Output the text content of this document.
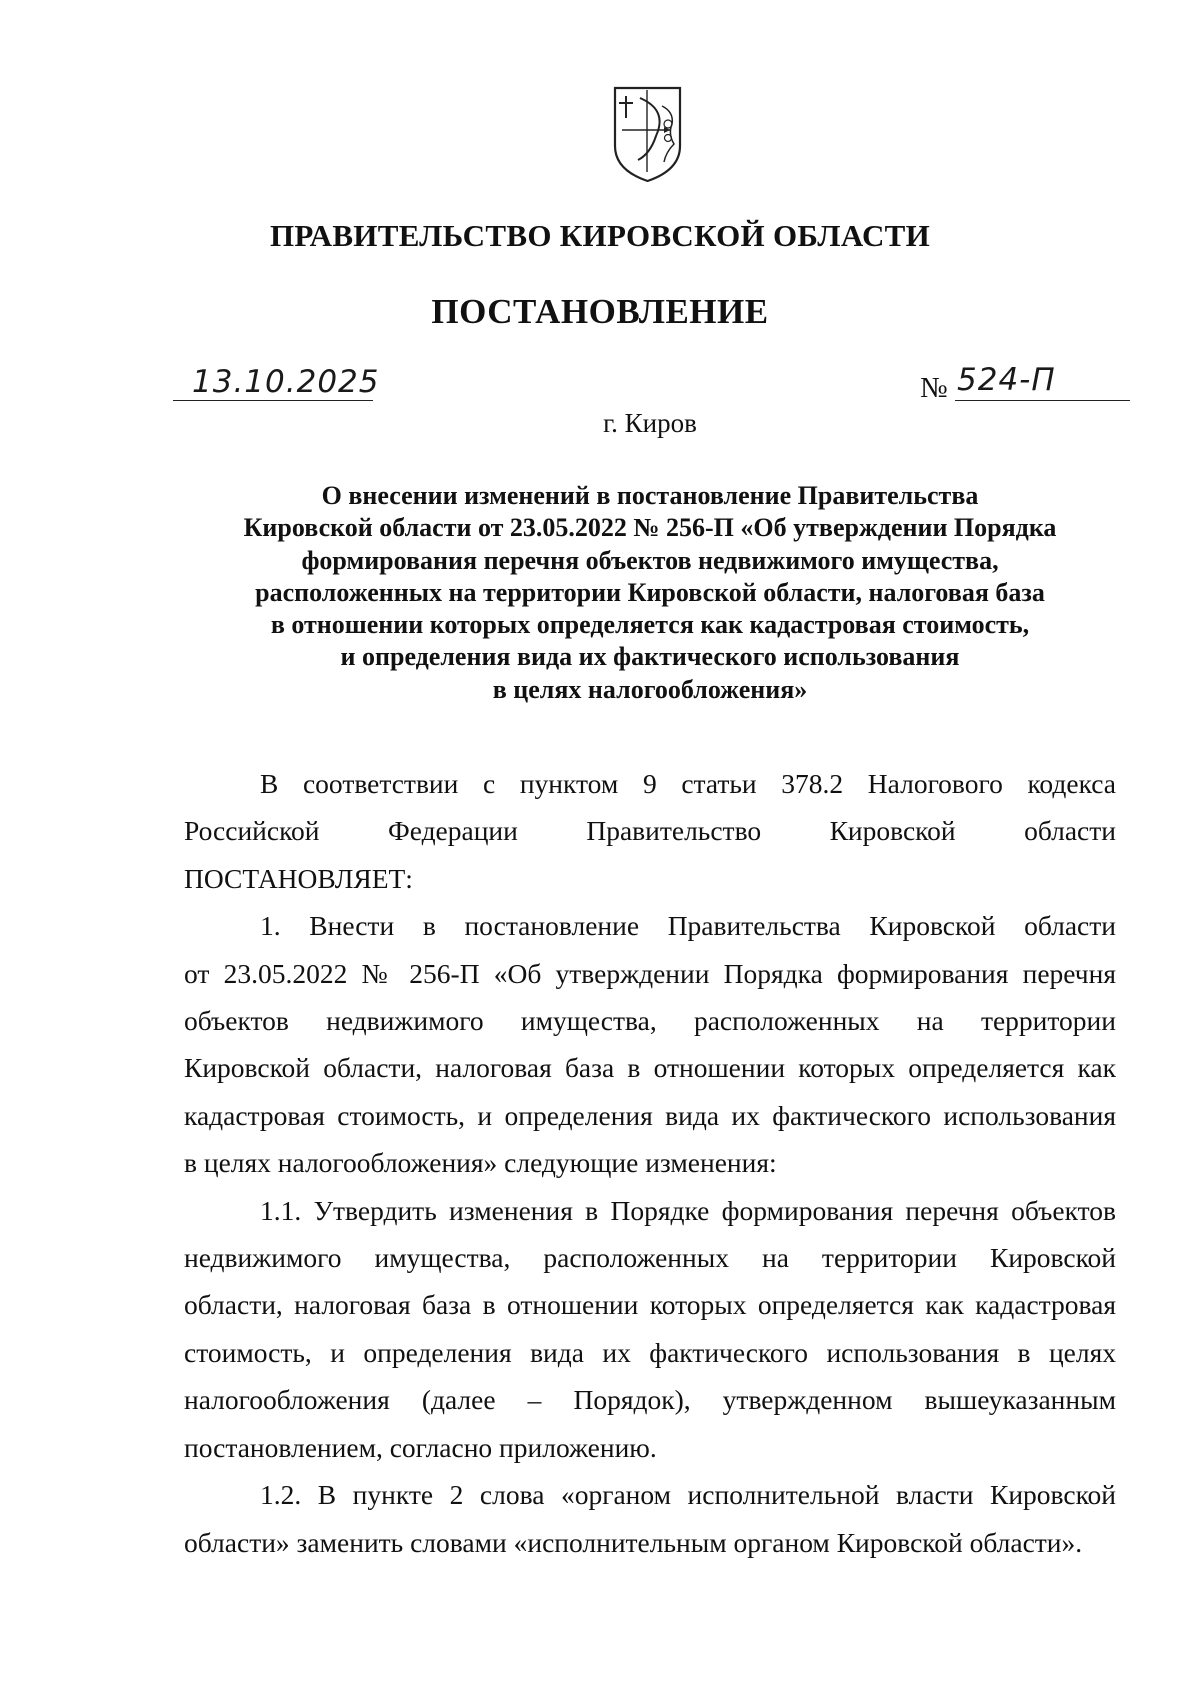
ПРАВИТЕЛЬСТВО КИРОВСКОЙ ОБЛАСТИ
ПОСТАНОВЛЕНИЕ
13.10.2025	№ 524-П
г. Киров
О внесении изменений в постановление Правительства
Кировской области от 23.05.2022 № 256-П «Об утверждении Порядка
формирования перечня объектов недвижимого имущества,
расположенных на территории Кировской области, налоговая база
в отношении которых определяется как кадастровая стоимость,
и определения вида их фактического использования
в целях налогообложения»

В соответствии с пунктом 9 статьи 378.2 Налогового кодекса

Российской Федерации Правительство Кировской области
ПОСТАНОВЛЯЕТ:

1. Внести в постановление Правительства Кировской области

от 23.05.2022 № 256-П «Об утверждении Порядка формирования перечня
объектов недвижимого имущества, расположенных на территории
Кировской области, налоговая база в отношении которых определяется как
кадастровая стоимость, и определения вида их фактического использования
в целях налогообложения» следующие изменения:

1.1. Утвердить изменения в Порядке формирования перечня объектов

недвижимого имущества, расположенных на территории Кировской
области, налоговая база в отношении которых определяется как кадастровая
стоимость, и определения вида их фактического использования в целях
налогообложения (далее – Порядок), утвержденном вышеуказанным
постановлением, согласно приложению.

1.2. В пункте 2 слова «органом исполнительной власти Кировской

области» заменить словами «исполнительным органом Кировской области».
